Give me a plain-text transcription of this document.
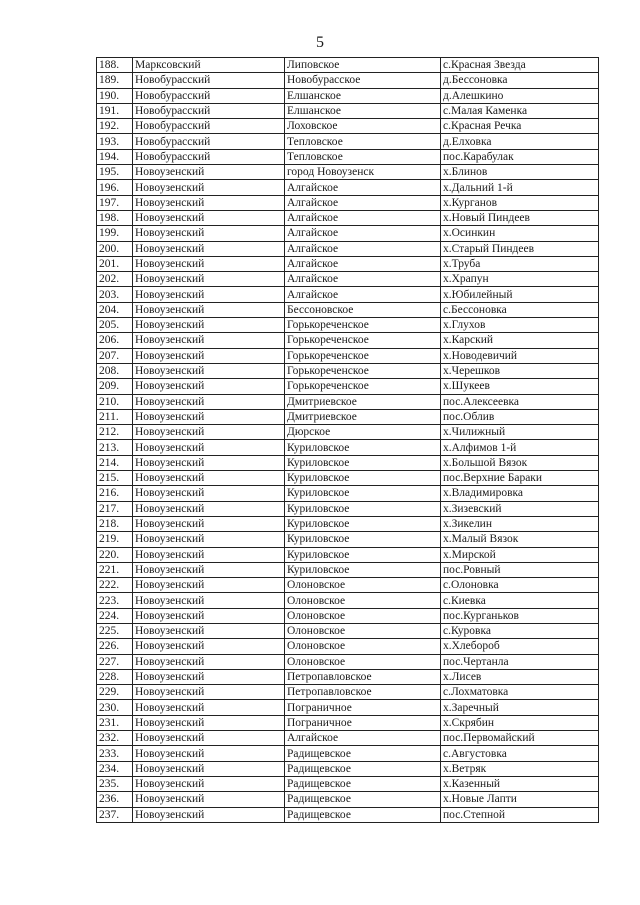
5
188.	Марксовский	Липовское	с.Красная Звезда
189.	Новобурасский	Новобурасское	д.Бессоновка
190.	Новобурасский	Елшанское	д.Алешкино
191.	Новобурасский	Елшанское	с.Малая Каменка
192.	Новобурасский	Лоховское	с.Красная Речка
193.	Новобурасский	Тепловское	д.Елховка
194.	Новобурасский	Тепловское	пос.Карабулак
195.	Новоузенский	город Новоузенск	х.Блинов
196.	Новоузенский	Алгайское	х.Дальний 1-й
197.	Новоузенский	Алгайское	х.Курганов
198.	Новоузенский	Алгайское	х.Новый Пиндеев
199.	Новоузенский	Алгайское	х.Осинкин
200.	Новоузенский	Алгайское	х.Старый Пиндеев
201.	Новоузенский	Алгайское	х.Труба
202.	Новоузенский	Алгайское	х.Храпун
203.	Новоузенский	Алгайское	х.Юбилейный
204.	Новоузенский	Бессоновское	с.Бессоновка
205.	Новоузенский	Горькореченское	х.Глухов
206.	Новоузенский	Горькореченское	х.Карский
207.	Новоузенский	Горькореченское	х.Новодевичий
208.	Новоузенский	Горькореченское	х.Черешков
209.	Новоузенский	Горькореченское	х.Шукеев
210.	Новоузенский	Дмитриевское	пос.Алексеевка
211.	Новоузенский	Дмитриевское	пос.Облив
212.	Новоузенский	Дюрское	х.Чилижный
213.	Новоузенский	Куриловское	х.Алфимов 1-й
214.	Новоузенский	Куриловское	х.Большой Вязок
215.	Новоузенский	Куриловское	пос.Верхние Бараки
216.	Новоузенский	Куриловское	х.Владимировка
217.	Новоузенский	Куриловское	х.Зизевский
218.	Новоузенский	Куриловское	х.Зикелин
219.	Новоузенский	Куриловское	х.Малый Вязок
220.	Новоузенский	Куриловское	х.Мирской
221.	Новоузенский	Куриловское	пос.Ровный
222.	Новоузенский	Олоновское	с.Олоновка
223.	Новоузенский	Олоновское	с.Киевка
224.	Новоузенский	Олоновское	пос.Курганьков
225.	Новоузенский	Олоновское	с.Куровка
226.	Новоузенский	Олоновское	х.Хлебороб
227.	Новоузенский	Олоновское	пос.Чертанла
228.	Новоузенский	Петропавловское	х.Лисев
229.	Новоузенский	Петропавловское	с.Лохматовка
230.	Новоузенский	Пограничное	х.Заречный
231.	Новоузенский	Пограничное	х.Скрябин
232.	Новоузенский	Алгайское	пос.Первомайский
233.	Новоузенский	Радищевское	с.Августовка
234.	Новоузенский	Радищевское	х.Ветряк
235.	Новоузенский	Радищевское	х.Казенный
236.	Новоузенский	Радищевское	х.Новые Лапти
237.	Новоузенский	Радищевское	пос.Степной
